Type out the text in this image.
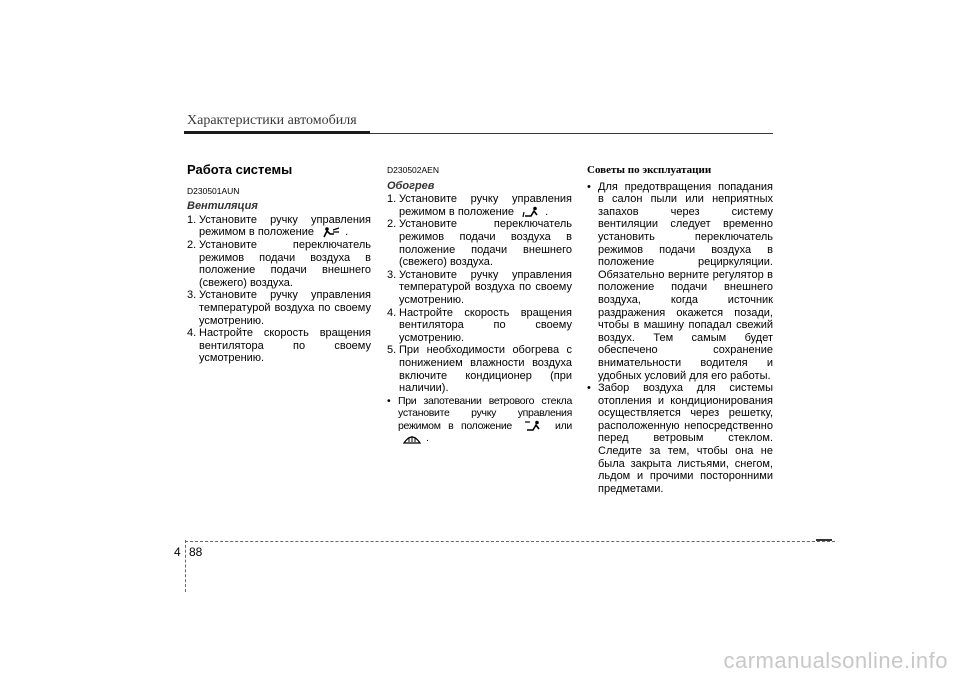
Характеристики автомобиля
Работа системы
D230501AUN
Вентиляция
1. Установите ручку управления режимом в положение	.
2. Установите переключатель режимов подачи воздуха в положение подачи внешнего (свежего) воздуха.
3. Установите ручку управления температурой воздуха по своему усмотрению.
4. Настройте скорость вращения вентилятора по своему усмотрению.
D230502AEN
Обогрев
1. Установите ручку управления режимом в положение	.
2. Установите переключатель режимов подачи воздуха в положение подачи внешнего (свежего) воздуха.
3. Установите ручку управления температурой воздуха по своему усмотрению.
4. Настройте скорость вращения вентилятора по своему усмотрению.
5. При необходимости обогрева с понижением влажности воздуха включите кондиционер (при наличии).
• При запотевании ветрового стекла установите ручку управления режимом в положение	или
.
Советы по эксплуатации
• Для предотвращения попадания в салон пыли или неприятных запахов через систему вентиляции следует временно установить переключатель режимов подачи воздуха в положение рециркуляции. Обязательно верните регулятор в положение подачи внешнего воздуха, когда источник раздражения окажется позади, чтобы в машину попадал свежий воздух. Тем самым будет обеспечено сохранение внимательности водителя и удобных условий для его работы.
• Забор воздуха для системы отопления и кондиционирования осуществляется через решетку, расположенную непосредственно перед ветровым стеклом. Следите за тем, чтобы она не была закрыта листьями, снегом, льдом и прочими посторонними предметами.
4 88
carmanualsonline.info
